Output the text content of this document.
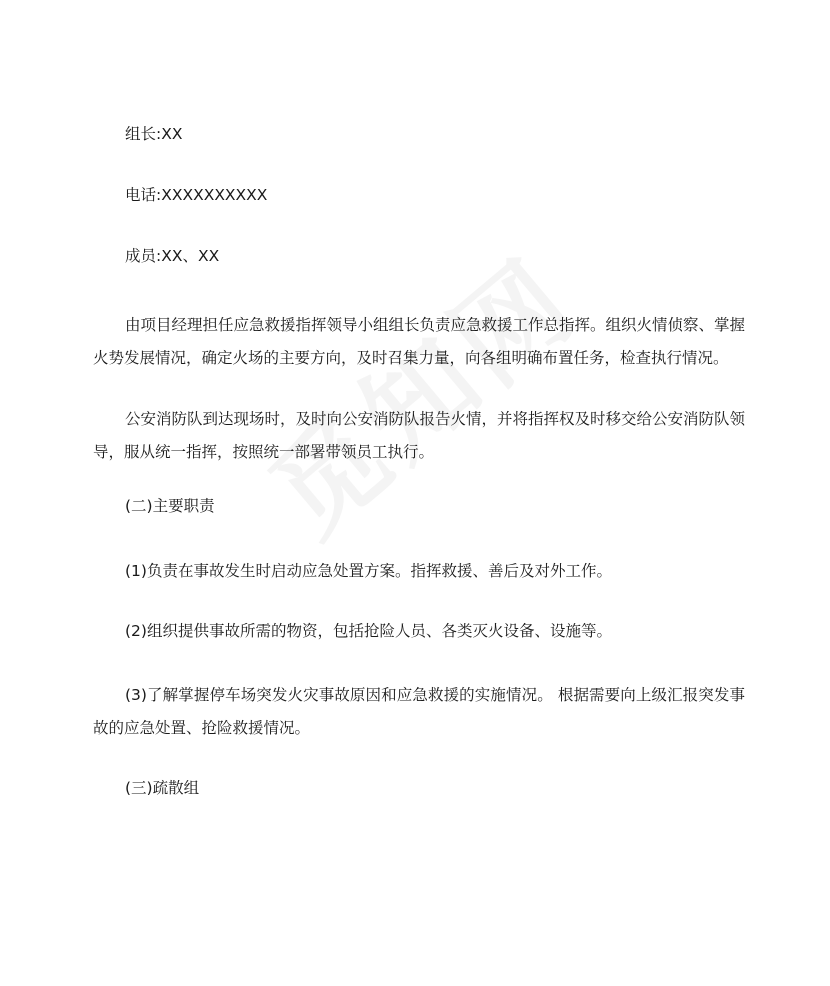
组长:XX

电话:XXXXXXXXXX

成员:XX、XX

由项目经理担任应急救援指挥领导小组组长负责应急救援工作总指挥。组织火情侦察、掌握火势发展情况，确定火场的主要方向，及时召集力量，向各组明确布置任务，检查执行情况。

公安消防队到达现场时，及时向公安消防队报告火情，并将指挥权及时移交给公安消防队领导，服从统一指挥，按照统一部署带领员工执行。

(二)主要职责

(1)负责在事故发生时启动应急处置方案。指挥救援、善后及对外工作。

(2)组织提供事故所需的物资，包括抢险人员、各类灭火设备、设施等。

(3)了解掌握停车场突发火灾事故原因和应急救援的实施情况。 根据需要向上级汇报突发事故的应急处置、抢险救援情况。

(三)疏散组
